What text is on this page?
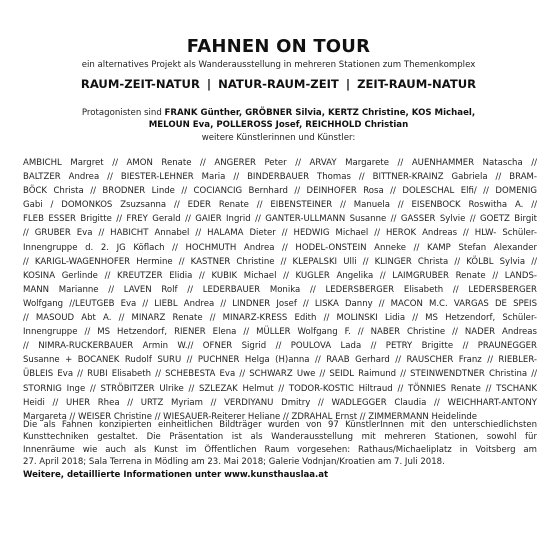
FAHNEN ON TOUR
ein alternatives Projekt als Wanderausstellung in mehreren Stationen zum Themenkomplex
RAUM-ZEIT-NATUR | NATUR-RAUM-ZEIT | ZEIT-RAUM-NATUR
Protagonisten sind FRANK Günther, GRÖBNER Silvia, KERTZ Christine, KOS Michael,
MELOUN Eva, POLLEROSS Josef, REICHHOLD Christian
weitere Künstlerinnen und Künstler:
AMBICHL Margret // AMON Renate // ANGERER Peter // ARVAY Margarete // AUENHAMMER Natascha //
BALTZER Andrea // BIESTER-LEHNER Maria // BINDERBAUER Thomas // BITTNER-KRAINZ Gabriela // BRAM-
BÖCK Christa // BRODNER Linde // COCIANCIG Bernhard // DEINHOFER Rosa // DOLESCHAL Elfi/ // DOMENIG
Gabi / DOMONKOS Zsuzsanna // EDER Renate // EIBENSTEINER // Manuela // EISENBOCK Roswitha A. //
FLEB ESSER Brigitte // FREY Gerald // GAIER Ingrid // GANTER-ULLMANN Susanne // GASSER Sylvie // GOETZ Birgit
// GRUBER Eva // HABICHT Annabel // HALAMA Dieter // HEDWIG Michael // HEROK Andreas // HLW- Schüler-
Innengruppe d. 2. JG Köflach // HOCHMUTH Andrea // HODEL-ONSTEIN Anneke // KAMP Stefan Alexander
// KARIGL-WAGENHOFER Hermine // KASTNER Christine // KLEPALSKI Ulli // KLINGER Christa // KÖLBL Sylvia //
KOSINA Gerlinde // KREUTZER Elidia // KUBIK Michael // KUGLER Angelika // LAIMGRUBER Renate // LANDS-
MANN Marianne // LAVEN Rolf // LEDERBAUER Monika // LEDERSBERGER Elisabeth // LEDERSBERGER
Wolfgang //LEUTGEB Eva // LIEBL Andrea // LINDNER Josef // LISKA Danny // MACON M.C. VARGAS DE SPEIS
// MASOUD Abt A. // MINARZ Renate // MINARZ-KRESS Edith // MOLINSKI Lidia // MS Hetzendorf, Schüler-
Innengruppe // MS Hetzendorf, RIENER Elena // MÜLLER Wolfgang F. // NABER Christine // NADER Andreas
// NIMRA-RUCKERBAUER Armin W.// OFNER Sigrid // POULOVA Lada // PETRY Brigitte // PRAUNEGGER
Susanne + BOCANEK Rudolf SURU // PUCHNER Helga (H)anna // RAAB Gerhard // RAUSCHER Franz // RIEBLER-
ÜBLEIS Eva // RUBI Elisabeth // SCHEBESTA Eva // SCHWARZ Uwe // SEIDL Raimund // STEINWENDTNER Christina //
STORNIG Inge // STRÖBITZER Ulrike // SZLEZAK Helmut // TODOR-KOSTIC Hiltraud // TÖNNIES Renate // TSCHANK
Heidi // UHER Rhea // URTZ Myriam // VERDIYANU Dmitry // WADLEGGER Claudia // WEICHHART-ANTONY
Margareta // WEISER Christine // WIESAUER-Reiterer Heliane // ZDRAHAL Ernst // ZIMMERMANN Heidelinde
Die als Fahnen konzipierten einheitlichen Bildträger wurden von 97 KünstlerInnen mit den unterschiedlichsten
Kunsttechniken gestaltet. Die Präsentation ist als Wanderausstellung mit mehreren Stationen, sowohl für
Innenräume wie auch als Kunst im Öffentlichen Raum vorgesehen: Rathaus/Michaeliplatz in Voitsberg am
27. April 2018; Sala Terrena in Mödling am 23. Mai 2018; Galerie Vodnjan/Kroatien am 7. Juli 2018.
Weitere, detaillierte Informationen unter www.kunsthauslaa.at
